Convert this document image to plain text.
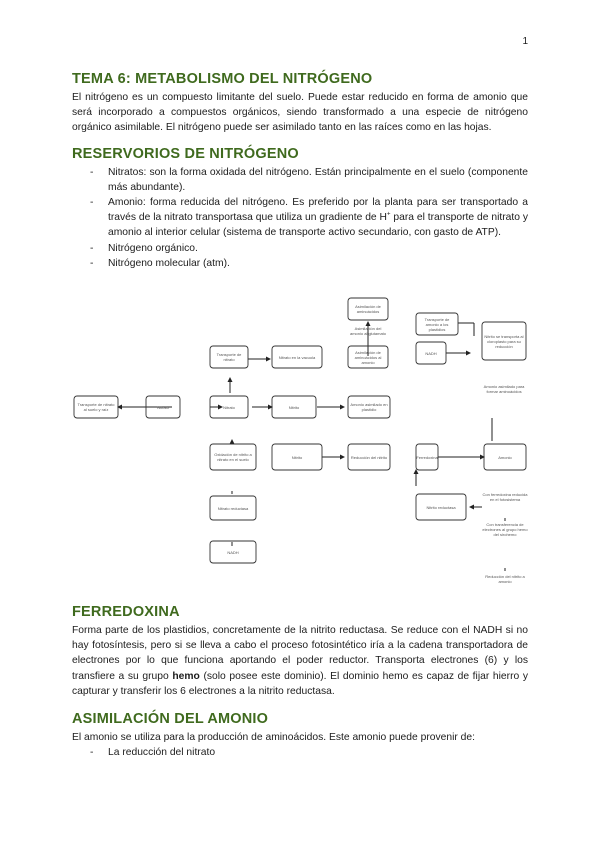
1
TEMA 6: METABOLISMO DEL NITRÓGENO

El nitrógeno es un compuesto limitante del suelo. Puede estar reducido en forma de amonio que será incorporado a compuestos orgánicos, siendo transformado a una especie de nitrógeno orgánico asimilable. El nitrógeno puede ser asimilado tanto en las raíces como en las hojas.

RESERVORIOS DE NITRÓGENO
- Nitratos: son la forma oxidada del nitrógeno. Están principalmente en el suelo (componente más abundante).
- Amonio: forma reducida del nitrógeno. Es preferido por la planta para ser transportado a través de la nitrato transportasa que utiliza un gradiente de H+ para el transporte de nitrato y amonio al interior celular (sistema de transporte activo secundario, con gasto de ATP).
- Nitrógeno orgánico.
- Nitrógeno molecular (atm).
Transporte de nitrato	Nitrato en la vacuola
Asimilación de aminoácidos al amonio
Asimilación de aminoácidos
Transporte de nitrato al suelo y raíz	Nitrato	Nitrato	Nitrito	Amonio asimilado en plastidio
Oxidación de nitrito a nitrato en el suelo	Nitrito	Reducción del nitrito	Ferredoxina	Amonio
Nitrato reductasa	Nitrito reductasa
NADH
Transporte de amonio a los plastidios
NADH
Nitrito se transporta al cloroplasto para su reducción
Amonio asimilado para formar aminoácidos
Con ferredoxina reducida en el fotosistema
Con transferencia de electrones al grupo hemo del sirohemo
Reducción del nitrito a amonio
Asimilación del amonio al glutamato
FERREDOXINA

Forma parte de los plastidios, concretamente de la nitrito reductasa. Se reduce con el NADH si no hay fotosíntesis, pero si se lleva a cabo el proceso fotosintético iría a la cadena transportadora de electrones por lo que funciona aportando el poder reductor. Transporta electrones (6) y los transfiere a su grupo hemo (solo posee este dominio). El dominio hemo es capaz de fijar hierro y capturar y transferir los 6 electrones a la nitrito reductasa.

ASIMILACIÓN DEL AMONIO

El amonio se utiliza para la producción de aminoácidos. Este amonio puede provenir de:

- La reducción del nitrato
